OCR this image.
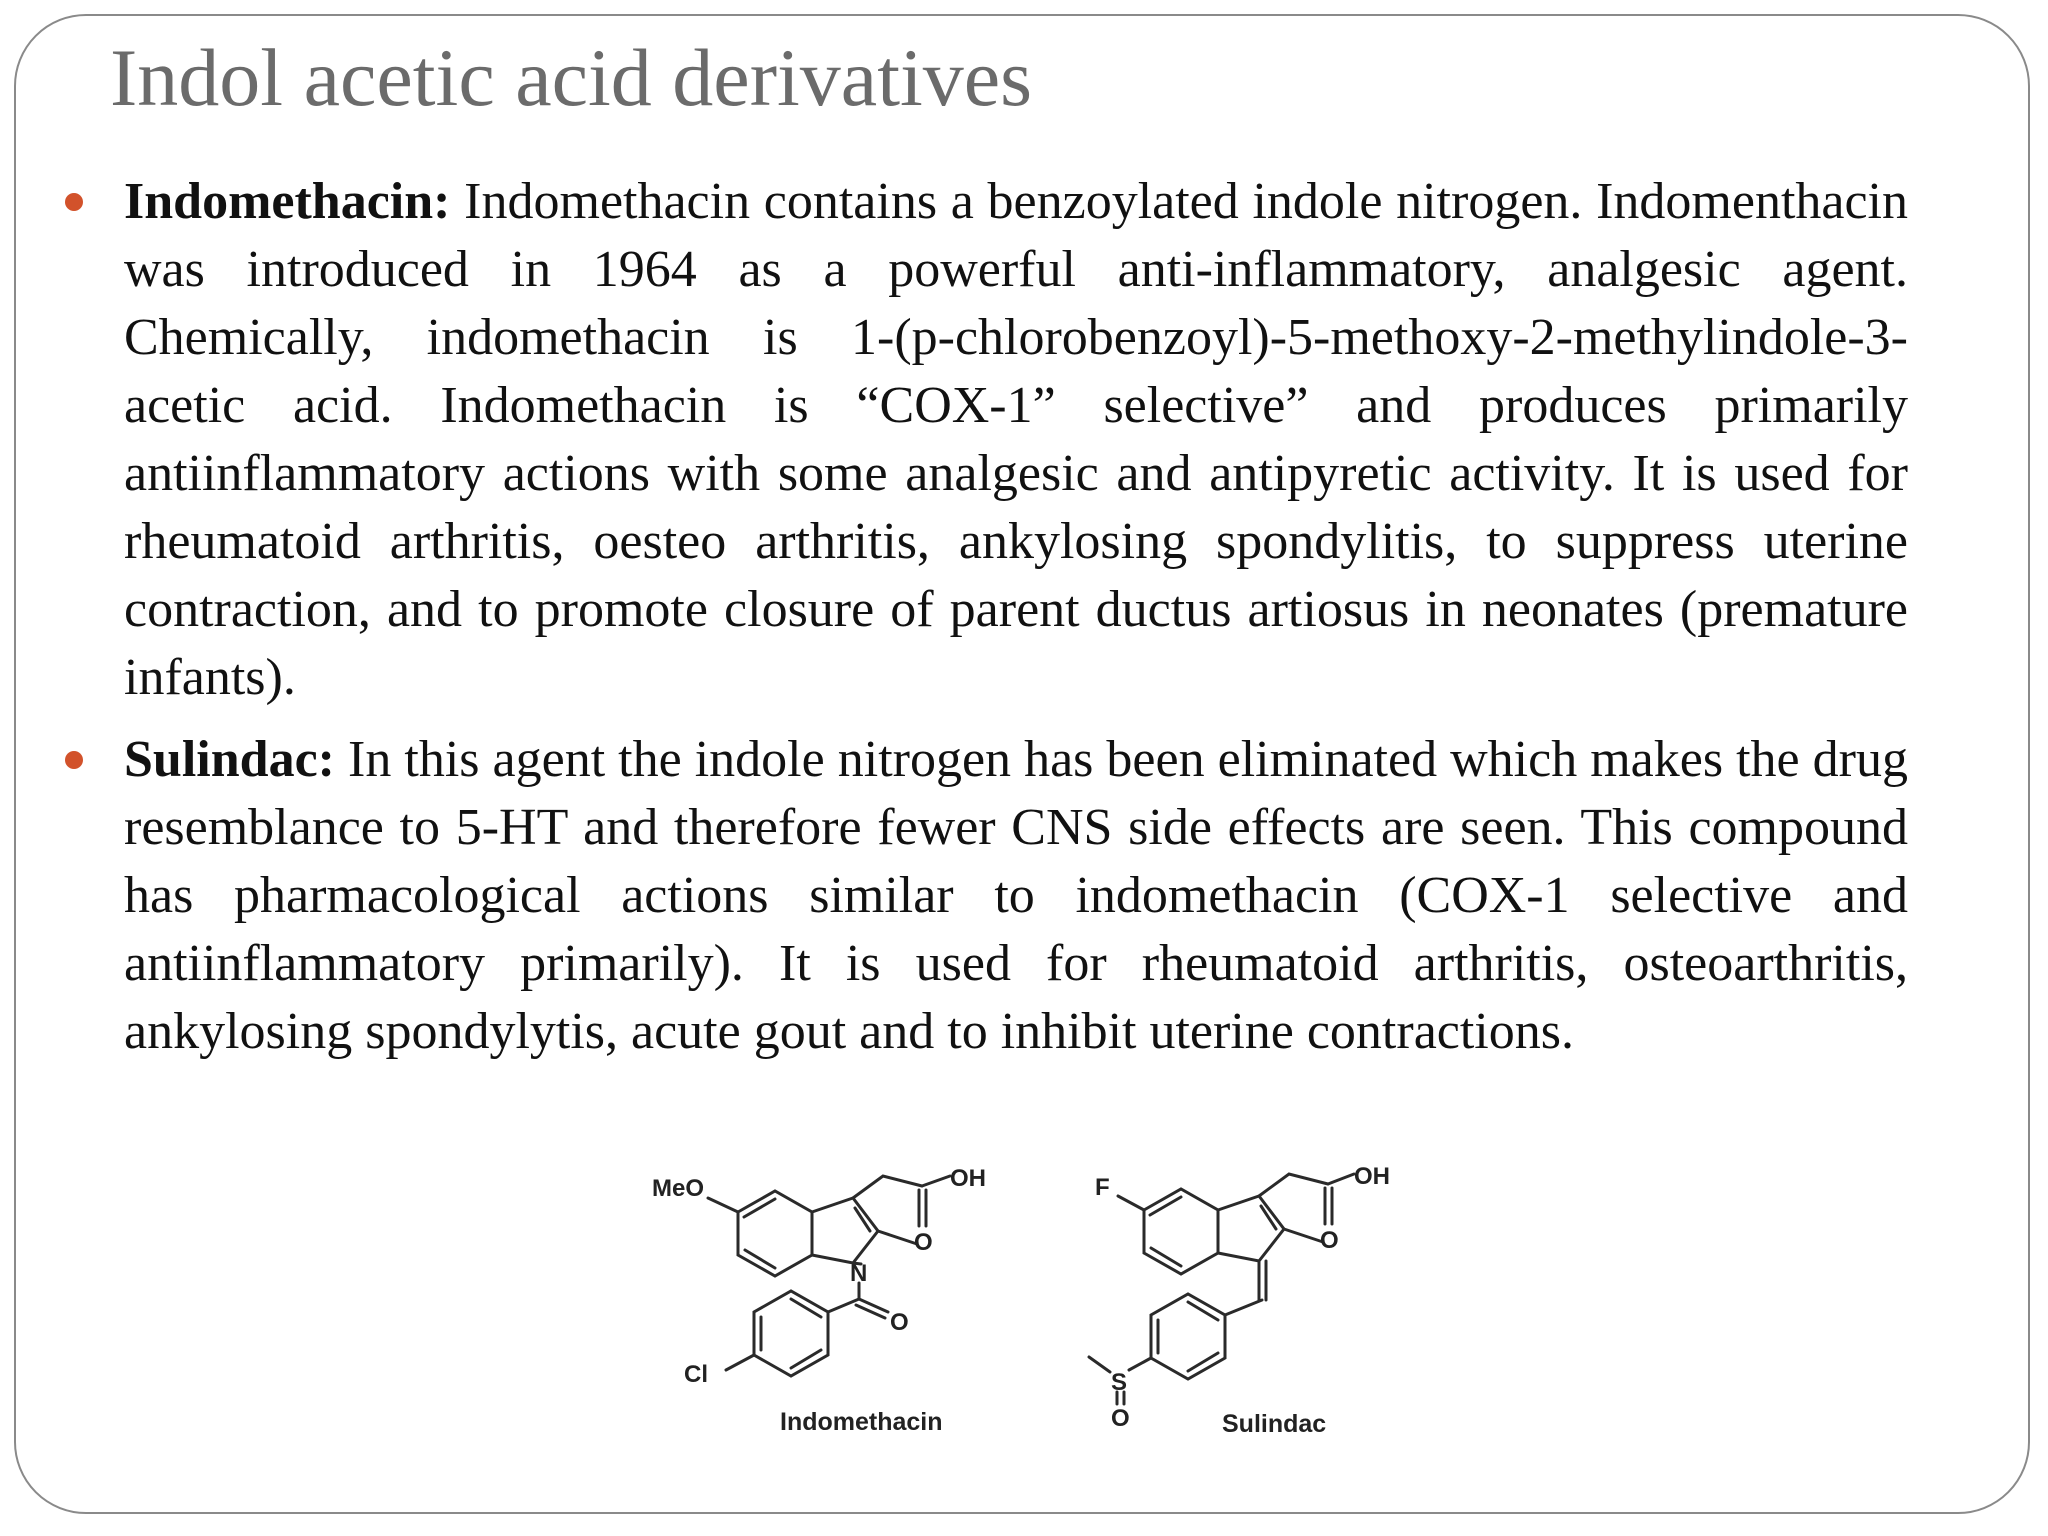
Indol acetic acid derivatives
Indomethacin: Indomethacin contains a benzoylated indole nitrogen. Indomenthacin was introduced in 1964 as a powerful anti-inflammatory, analgesic agent. Chemically, indomethacin is 1-(p-chlorobenzoyl)-5-methoxy-2-methylindole-3-acetic acid. Indomethacin is “COX-1” selective” and produces primarily antiinflammatory actions with some analgesic and antipyretic activity. It is used for rheumatoid arthritis, oesteo arthritis, ankylosing spondylitis, to suppress uterine contraction, and to promote closure of parent ductus artiosus in neonates (premature infants).
Sulindac: In this agent the indole nitrogen has been eliminated which makes the drug resemblance to 5-HT and therefore fewer CNS side effects are seen. This compound has pharmacological actions similar to indomethacin (COX-1 selective and antiinflammatory primarily). It is used for rheumatoid arthritis, osteoarthritis, ankylosing spondylytis, acute gout and to inhibit uterine contractions.
MeO	OH
O
N
O
Cl
Indomethacin
F	OH
O
S
O	Sulindac
